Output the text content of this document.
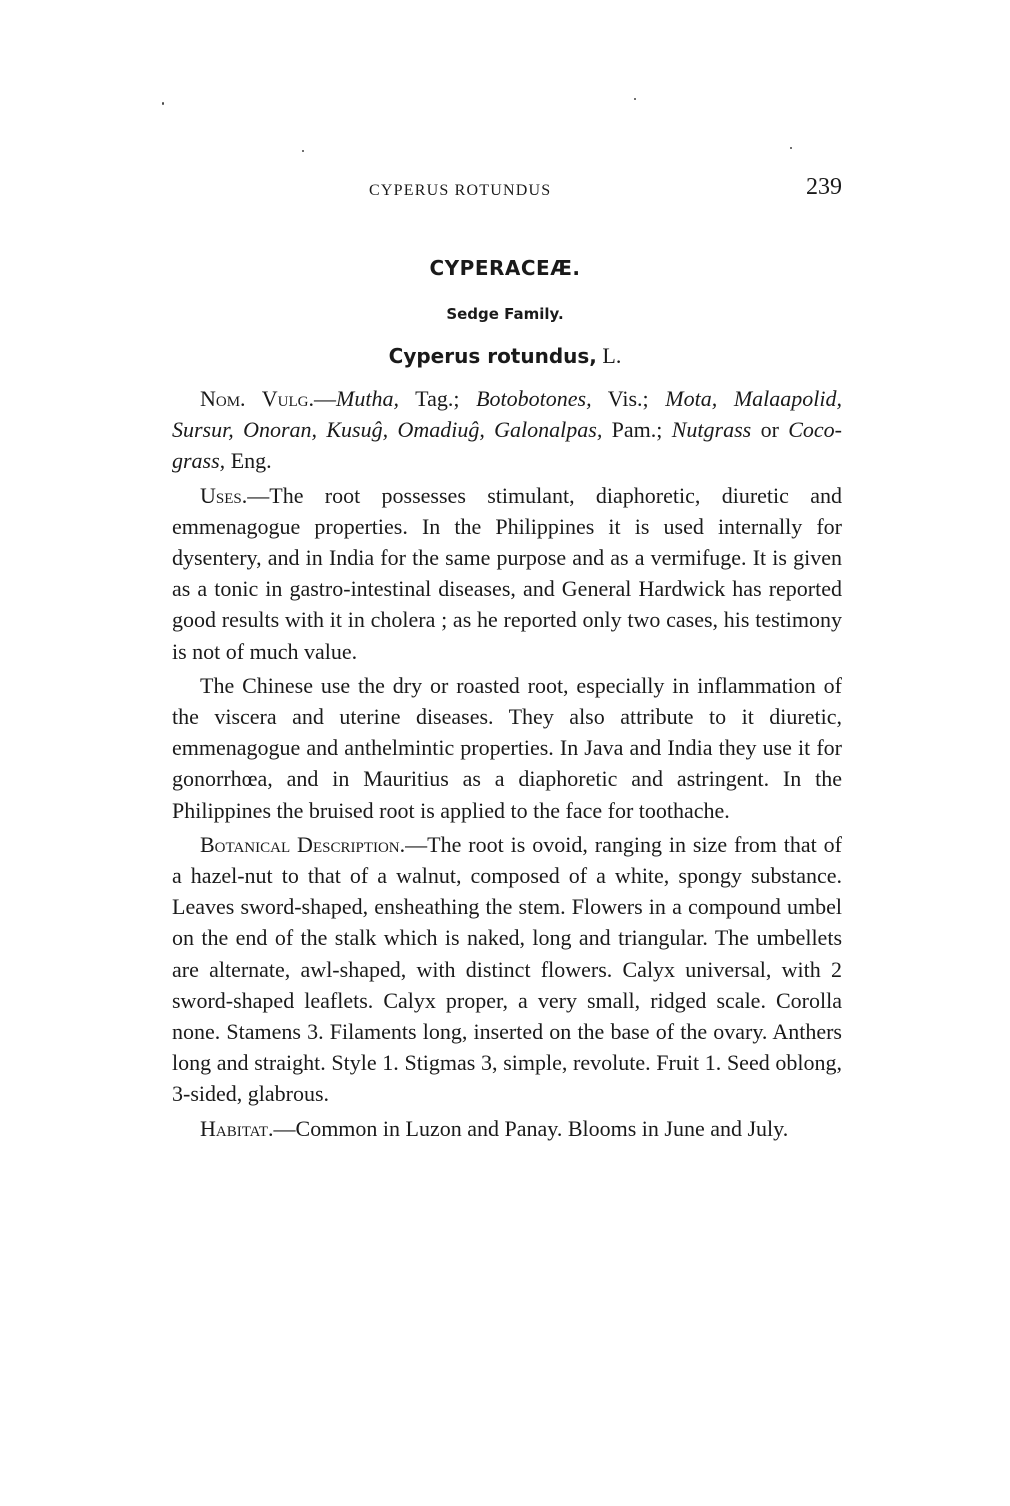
CYPERUS ROTUNDUS	239
CYPERACEÆ.
Sedge Family.
Cyperus rotundus, L.

Nom. Vulg.—Mutha, Tag.; Botobotones, Vis.; Mota, Malaapolid, Sursur, Onoran, Kusuĝ, Omadiuĝ, Galonalpas, Pam.; Nutgrass or Coco-grass, Eng.

Uses.—The root possesses stimulant, diaphoretic, diuretic and emmenagogue properties. In the Philippines it is used internally for dysentery, and in India for the same purpose and as a vermifuge. It is given as a tonic in gastro-intestinal diseases, and General Hardwick has reported good results with it in cholera ; as he reported only two cases, his testimony is not of much value.

The Chinese use the dry or roasted root, especially in inflammation of the viscera and uterine diseases. They also attribute to it diuretic, emmenagogue and anthelmintic properties. In Java and India they use it for gonorrhœa, and in Mauritius as a diaphoretic and astringent. In the Philippines the bruised root is applied to the face for toothache.

Botanical Description.—The root is ovoid, ranging in size from that of a hazel-nut to that of a walnut, composed of a white, spongy substance. Leaves sword-shaped, ensheathing the stem. Flowers in a compound umbel on the end of the stalk which is naked, long and triangular. The umbellets are alternate, awl-shaped, with distinct flowers. Calyx universal, with 2 sword-shaped leaflets. Calyx proper, a very small, ridged scale. Corolla none. Stamens 3. Filaments long, inserted on the base of the ovary. Anthers long and straight. Style 1. Stigmas 3, simple, revolute. Fruit 1. Seed oblong, 3-sided, glabrous.

Habitat.—Common in Luzon and Panay. Blooms in June and July.
